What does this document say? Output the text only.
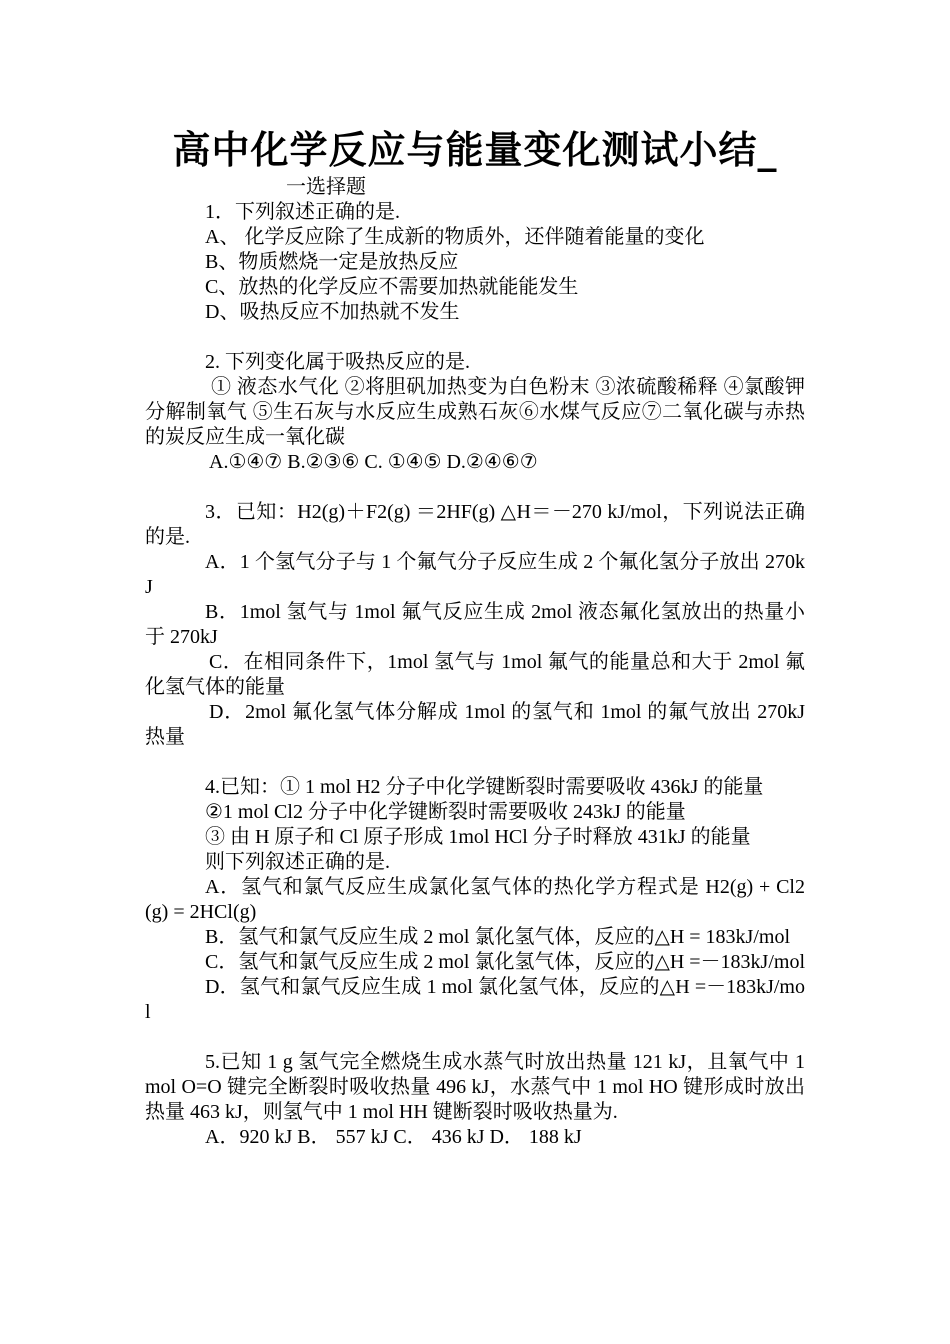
高中化学反应与能量变化测试小结_
一选择题
1．下列叙述正确的是.
A、 化学反应除了生成新的物质外，还伴随着能量的变化
B、物质燃烧一定是放热反应
C、放热的化学反应不需要加热就能能发生
D、吸热反应不加热就不发生
2. 下列变化属于吸热反应的是.
① 液态水气化 ②将胆矾加热变为白色粉末 ③浓硫酸稀释 ④氯酸钾分解制氧气 ⑤生石灰与水反应生成熟石灰⑥水煤气反应⑦二氧化碳与赤热的炭反应生成一氧化碳
A.①④⑦ B.②③⑥ C. ①④⑤ D.②④⑥⑦
3．已知：H2(g)＋F2(g) ＝2HF(g) △H＝－270 kJ/mol，下列说法正确的是.
A．1 个氢气分子与 1 个氟气分子反应生成 2 个氟化氢分子放出 270kJ
B．1mol 氢气与 1mol 氟气反应生成 2mol 液态氟化氢放出的热量小于 270kJ
C．在相同条件下，1mol 氢气与 1mol 氟气的能量总和大于 2mol 氟化氢气体的能量
D．2mol 氟化氢气体分解成 1mol 的氢气和 1mol 的氟气放出 270kJ 热量
4.已知：① 1 mol H2 分子中化学键断裂时需要吸收 436kJ 的能量
②1 mol Cl2 分子中化学键断裂时需要吸收 243kJ 的能量
③ 由 H 原子和 Cl 原子形成 1mol HCl 分子时释放 431kJ 的能量
则下列叙述正确的是.
A．氢气和氯气反应生成氯化氢气体的热化学方程式是 H2(g) + Cl2(g) = 2HCl(g)
B．氢气和氯气反应生成 2 mol 氯化氢气体，反应的△H = 183kJ/mol
C．氢气和氯气反应生成 2 mol 氯化氢气体，反应的△H =－183kJ/mol
D．氢气和氯气反应生成 1 mol 氯化氢气体，反应的△H =－183kJ/mol
5.已知 1 g 氢气完全燃烧生成水蒸气时放出热量 121 kJ，且氧气中 1 mol O=O 键完全断裂时吸收热量 496 kJ，水蒸气中 1 mol HO 键形成时放出热量 463 kJ，则氢气中 1 mol HH 键断裂时吸收热量为.
A．920 kJ B． 557 kJ C． 436 kJ D． 188 kJ
